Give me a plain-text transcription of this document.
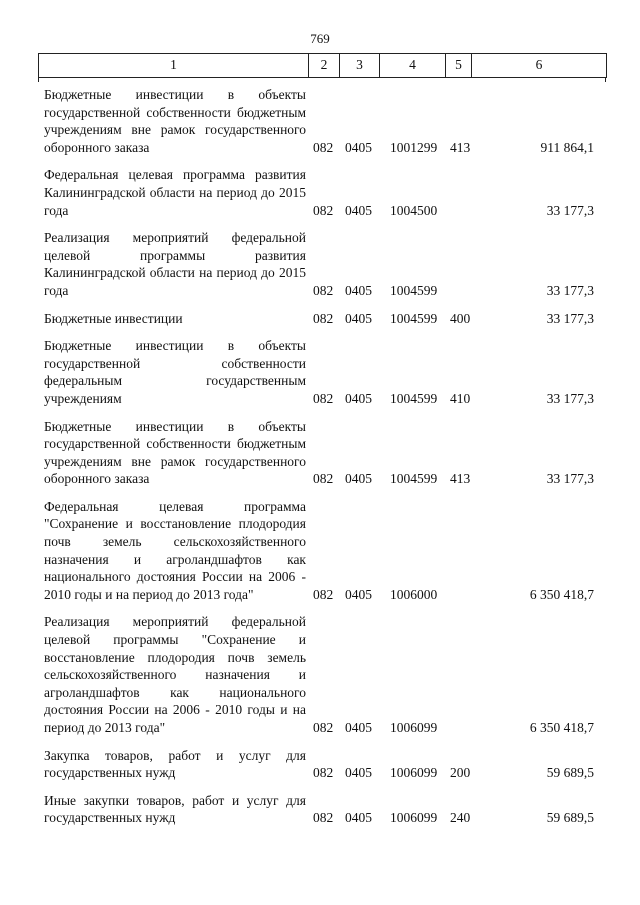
769
1	2	3	4	5	6
Бюджетные инвестиции в объекты государственной собственности бюджетным учреждениям вне рамок государственного оборонного заказа	082 0405 1001299 413	911 864,1
Федеральная целевая программа развития Калининградской области на период до 2015 года	082 0405 1004500	33 177,3
Реализация мероприятий федеральной целевой программы развития Калининградской области на период до 2015 года	082 0405 1004599	33 177,3
Бюджетные инвестиции	082 0405 1004599 400	33 177,3
Бюджетные инвестиции в объекты государственной собственности федеральным государственным учреждениям	082 0405 1004599 410	33 177,3
Бюджетные инвестиции в объекты государственной собственности бюджетным учреждениям вне рамок государственного оборонного заказа	082 0405 1004599 413	33 177,3
Федеральная целевая программа "Сохранение и восстановление плодородия почв земель сельскохозяйственного назначения и агроландшафтов как национального достояния России на 2006 - 2010 годы и на период до 2013 года"	082 0405 1006000	6 350 418,7
Реализация мероприятий федеральной целевой программы "Сохранение и восстановление плодородия почв земель сельскохозяйственного назначения и агроландшафтов как национального достояния России на 2006 - 2010 годы и на период до 2013 года"	082 0405 1006099	6 350 418,7
Закупка товаров, работ и услуг для государственных нужд	082 0405 1006099 200	59 689,5
Иные закупки товаров, работ и услуг для государственных нужд	082 0405 1006099 240	59 689,5
